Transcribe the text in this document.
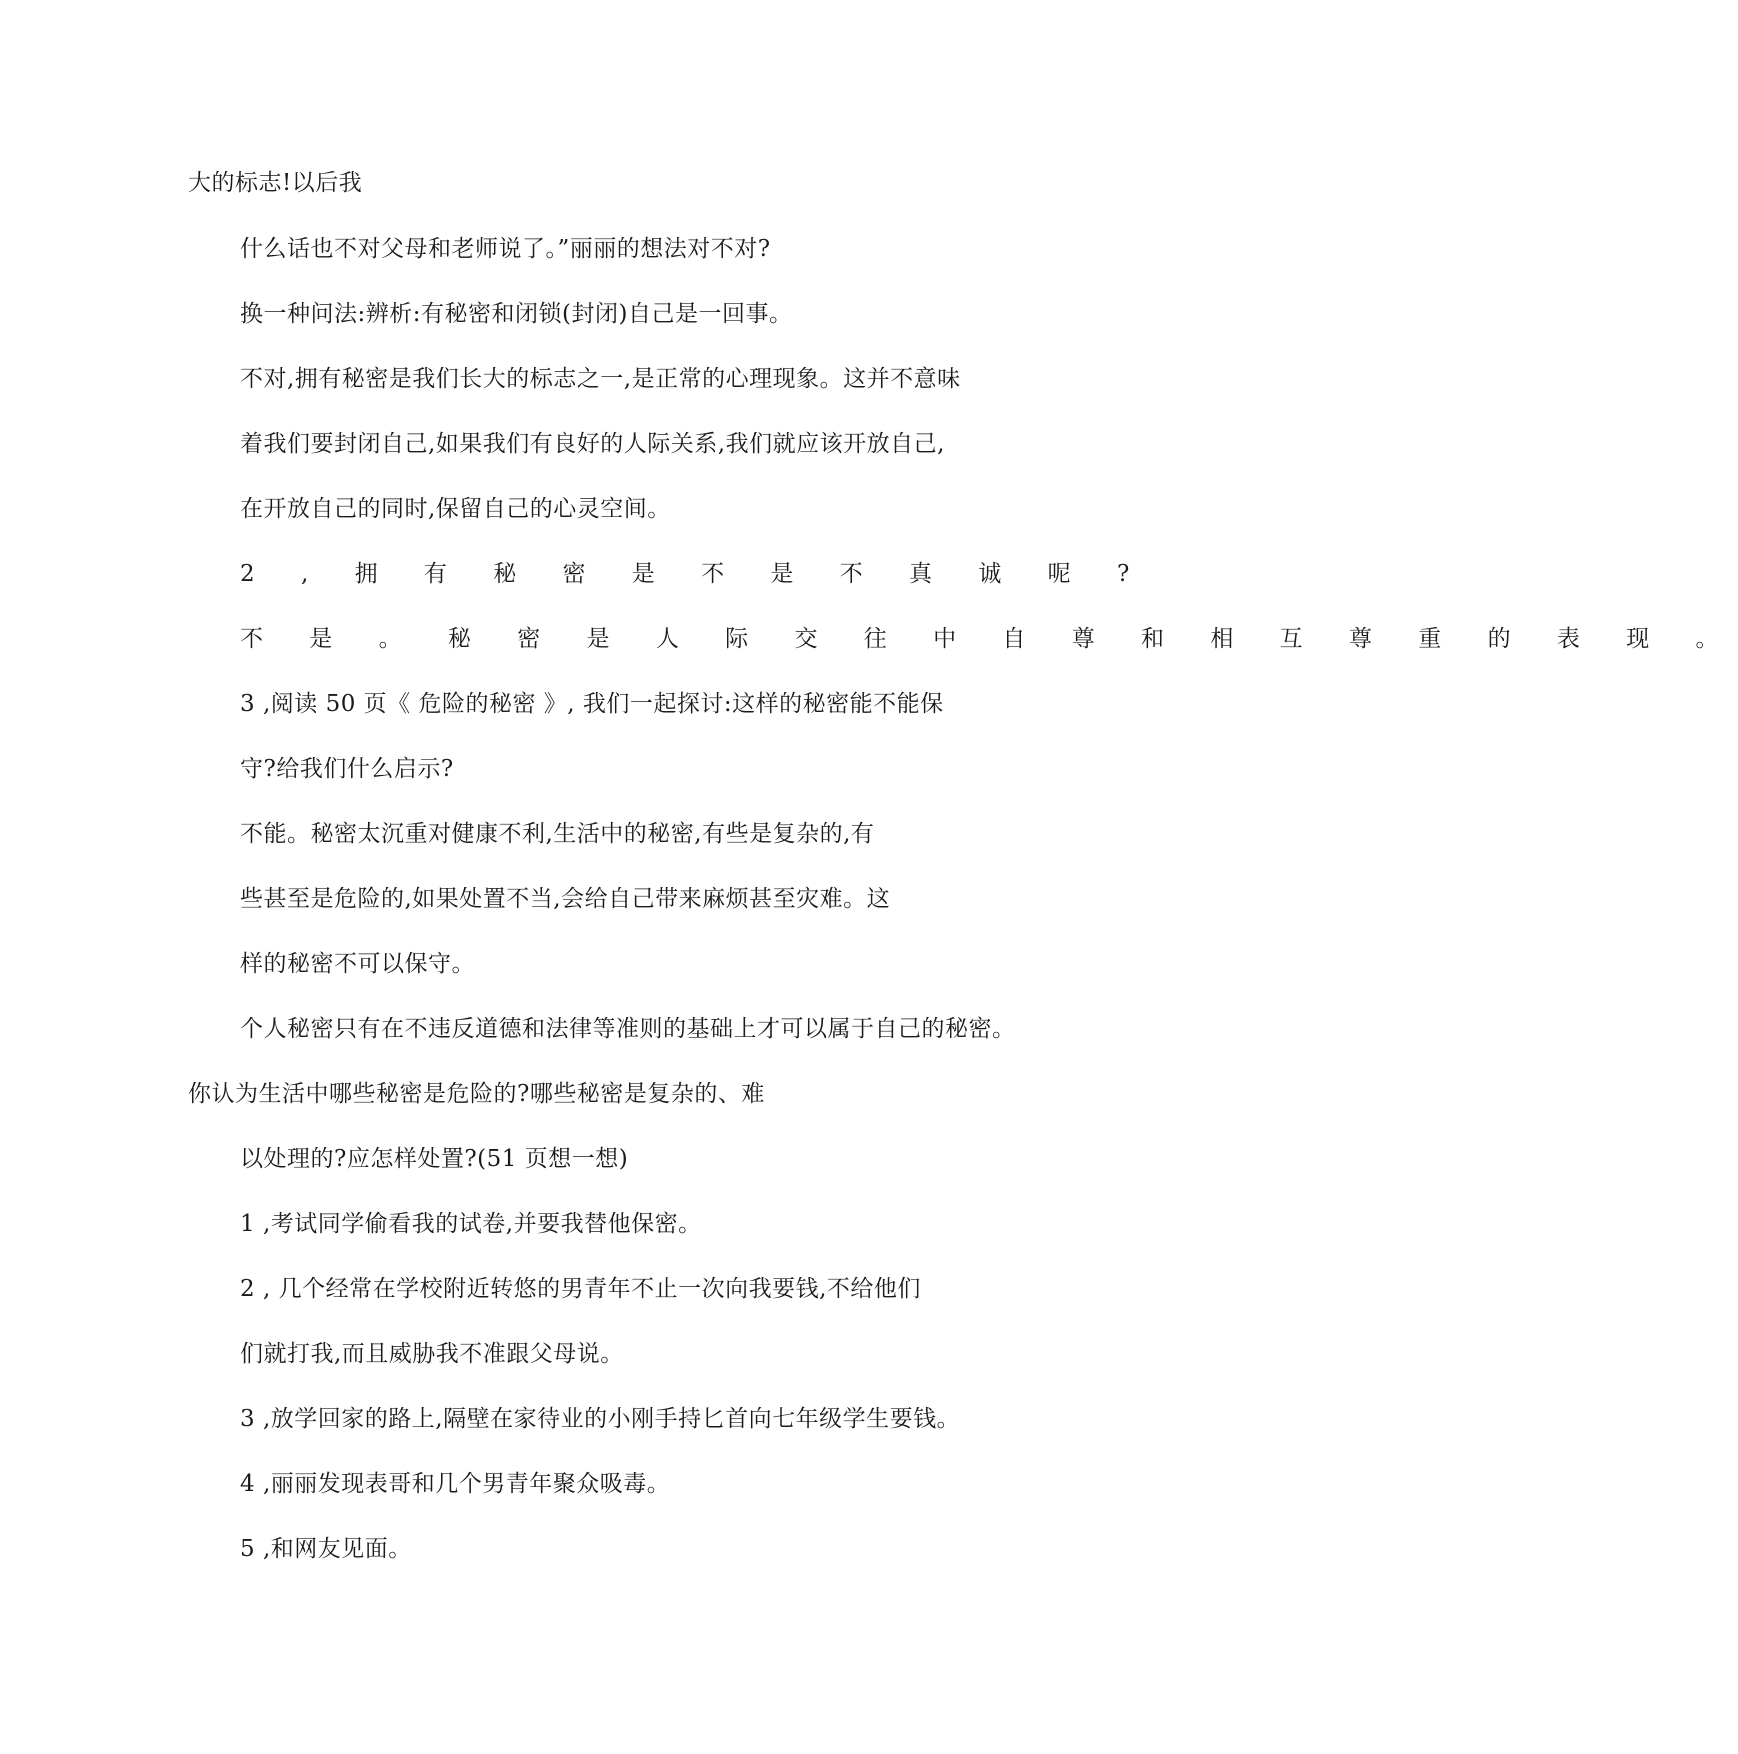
大的标志!以后我

什么话也不对父母和老师说了。”丽丽的想法对不对?

换一种问法:辨析:有秘密和闭锁(封闭)自己是一回事。

不对,拥有秘密是我们长大的标志之一,是正常的心理现象。这并不意味

着我们要封闭自己,如果我们有良好的人际关系,我们就应该开放自己,

在开放自己的同时,保留自己的心灵空间。

2 , 拥 有 秘 密 是 不 是 不 真 诚 呢 ?

不 是 。 秘 密 是 人 际 交 往 中 自 尊 和 相 互 尊 重 的 表 现 。

3 ,阅读 50 页《 危险的秘密 》, 我们一起探讨:这样的秘密能不能保

守?给我们什么启示?

不能。秘密太沉重对健康不利,生活中的秘密,有些是复杂的,有

些甚至是危险的,如果处置不当,会给自己带来麻烦甚至灾难。这

样的秘密不可以保守。

个人秘密只有在不违反道德和法律等准则的基础上才可以属于自己的秘密。

你认为生活中哪些秘密是危险的?哪些秘密是复杂的、难

以处理的?应怎样处置?(51 页想一想)

1 ,考试同学偷看我的试卷,并要我替他保密。

2 , 几个经常在学校附近转悠的男青年不止一次向我要钱,不给他们

们就打我,而且威胁我不准跟父母说。

3 ,放学回家的路上,隔壁在家待业的小刚手持匕首向七年级学生要钱。

4 ,丽丽发现表哥和几个男青年聚众吸毒。

5 ,和网友见面。
